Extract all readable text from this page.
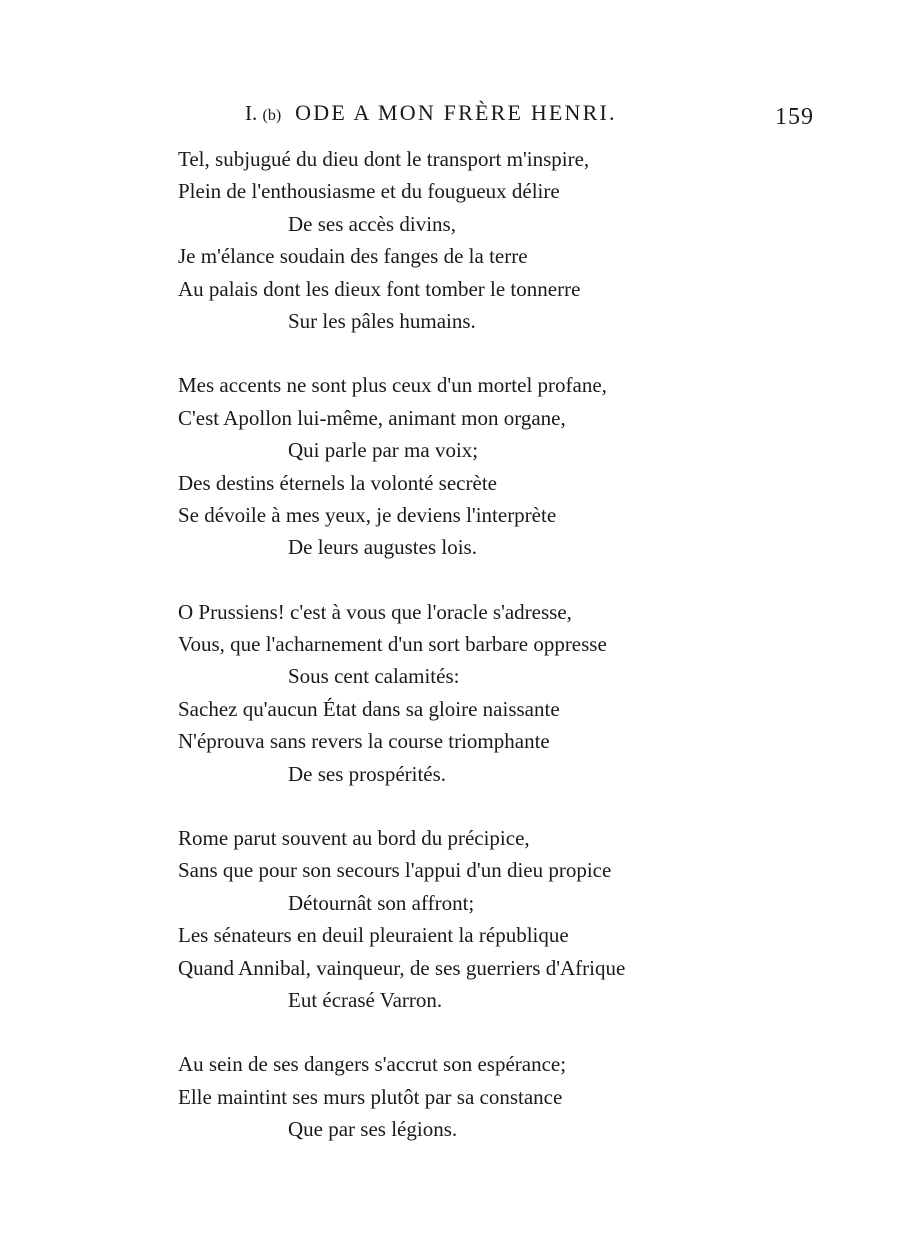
I. (b) ODE A MON FRÈRE HENRI.	159
Tel, subjugué du dieu dont le transport m'inspire,
Plein de l'enthousiasme et du fougueux délire
De ses accès divins,
Je m'élance soudain des fanges de la terre
Au palais dont les dieux font tomber le tonnerre
Sur les pâles humains.
Mes accents ne sont plus ceux d'un mortel profane,
C'est Apollon lui-même, animant mon organe,
Qui parle par ma voix;
Des destins éternels la volonté secrète
Se dévoile à mes yeux, je deviens l'interprète
De leurs augustes lois.
O Prussiens! c'est à vous que l'oracle s'adresse,
Vous, que l'acharnement d'un sort barbare oppresse
Sous cent calamités:
Sachez qu'aucun État dans sa gloire naissante
N'éprouva sans revers la course triomphante
De ses prospérités.
Rome parut souvent au bord du précipice,
Sans que pour son secours l'appui d'un dieu propice
Détournât son affront;
Les sénateurs en deuil pleuraient la république
Quand Annibal, vainqueur, de ses guerriers d'Afrique
Eut écrasé Varron.
Au sein de ses dangers s'accrut son espérance;
Elle maintint ses murs plutôt par sa constance
Que par ses légions.
